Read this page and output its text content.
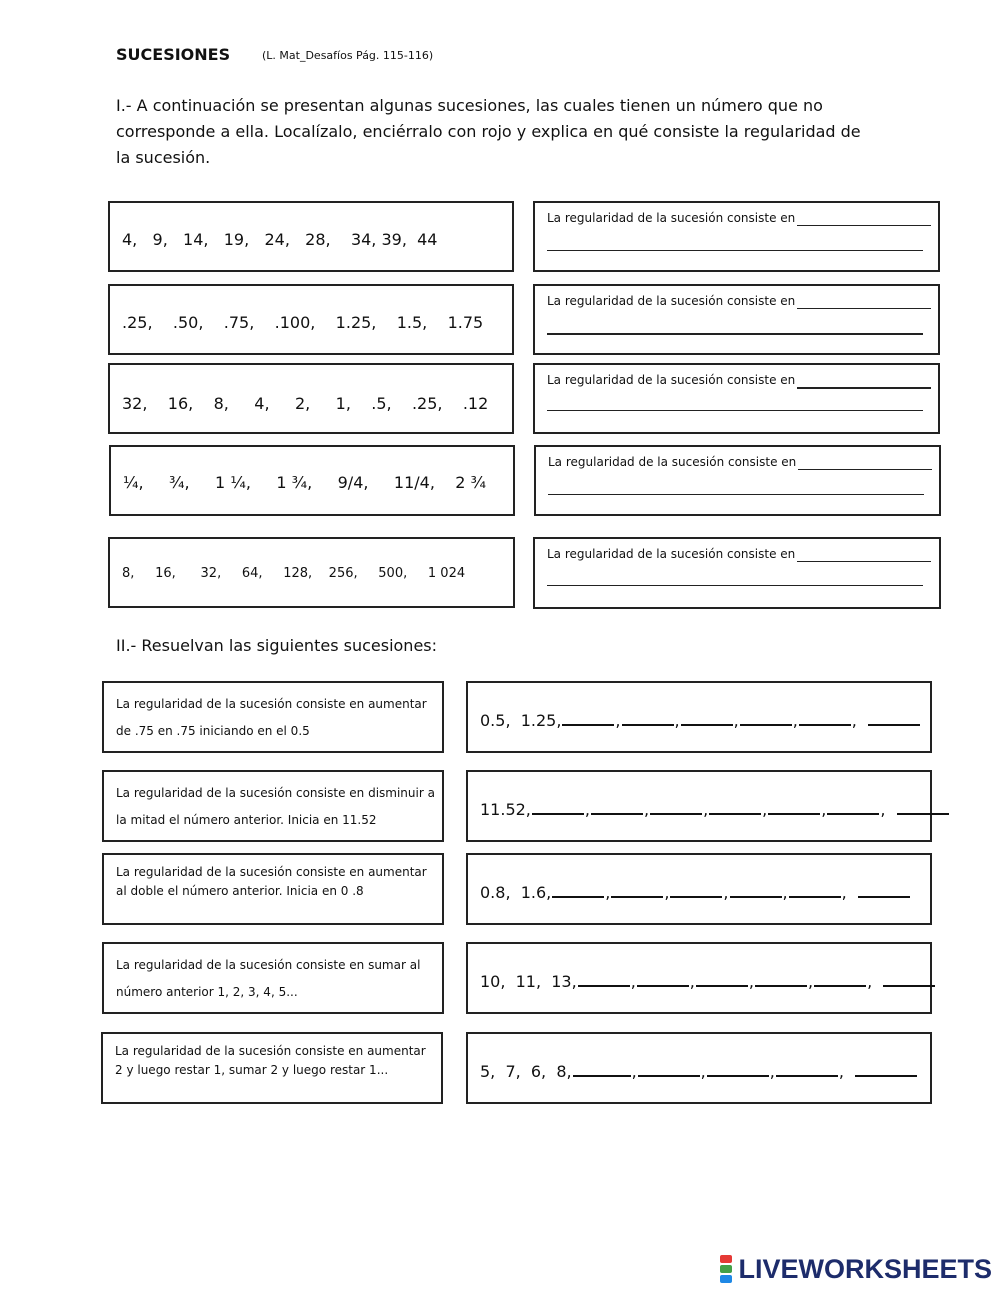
SUCESIONES	(L. Mat_Desafíos Pág. 115-116)
I.- A continuación se presentan algunas sucesiones, las cuales tienen un número que no corresponde a ella. Localízalo, enciérralo con rojo y explica en qué consiste la regularidad de la sucesión.
4,   9,   14,   19,   24,   28,    34, 39,  44
La regularidad de la sucesión consiste en
.25,    .50,    .75,    .100,    1.25,    1.5,    1.75
La regularidad de la sucesión consiste en
32,    16,    8,     4,     2,     1,    .5,    .25,    .12
La regularidad de la sucesión consiste en
¼,     ¾,     1 ¼,     1 ¾,     9/4,     11/4,    2 ¾
La regularidad de la sucesión consiste en
8,     16,      32,     64,     128,    256,     500,     1 024
La regularidad de la sucesión consiste en
II.- Resuelvan las siguientes sucesiones:
La regularidad de la sucesión consiste en aumentar de .75 en .75 iniciando en el 0.5
0.5,  1.25,	,	,	,	,	,
La regularidad de la sucesión consiste en disminuir a la mitad el número anterior. Inicia en 11.52
11.52,	,	,	,	,	,	,
La regularidad de la sucesión consiste en aumentar al doble el número anterior. Inicia en 0 .8	0.8,  1.6,	,	,	,	,	,
La regularidad de la sucesión consiste en sumar al número anterior 1, 2, 3, 4, 5...
10,  11,  13,	,	,	,	,	,
La regularidad de la sucesión consiste en aumentar 2 y luego restar 1, sumar 2 y luego restar 1...	5,  7,  6,  8,	,	,	,	,
LIVEWORKSHEETS
